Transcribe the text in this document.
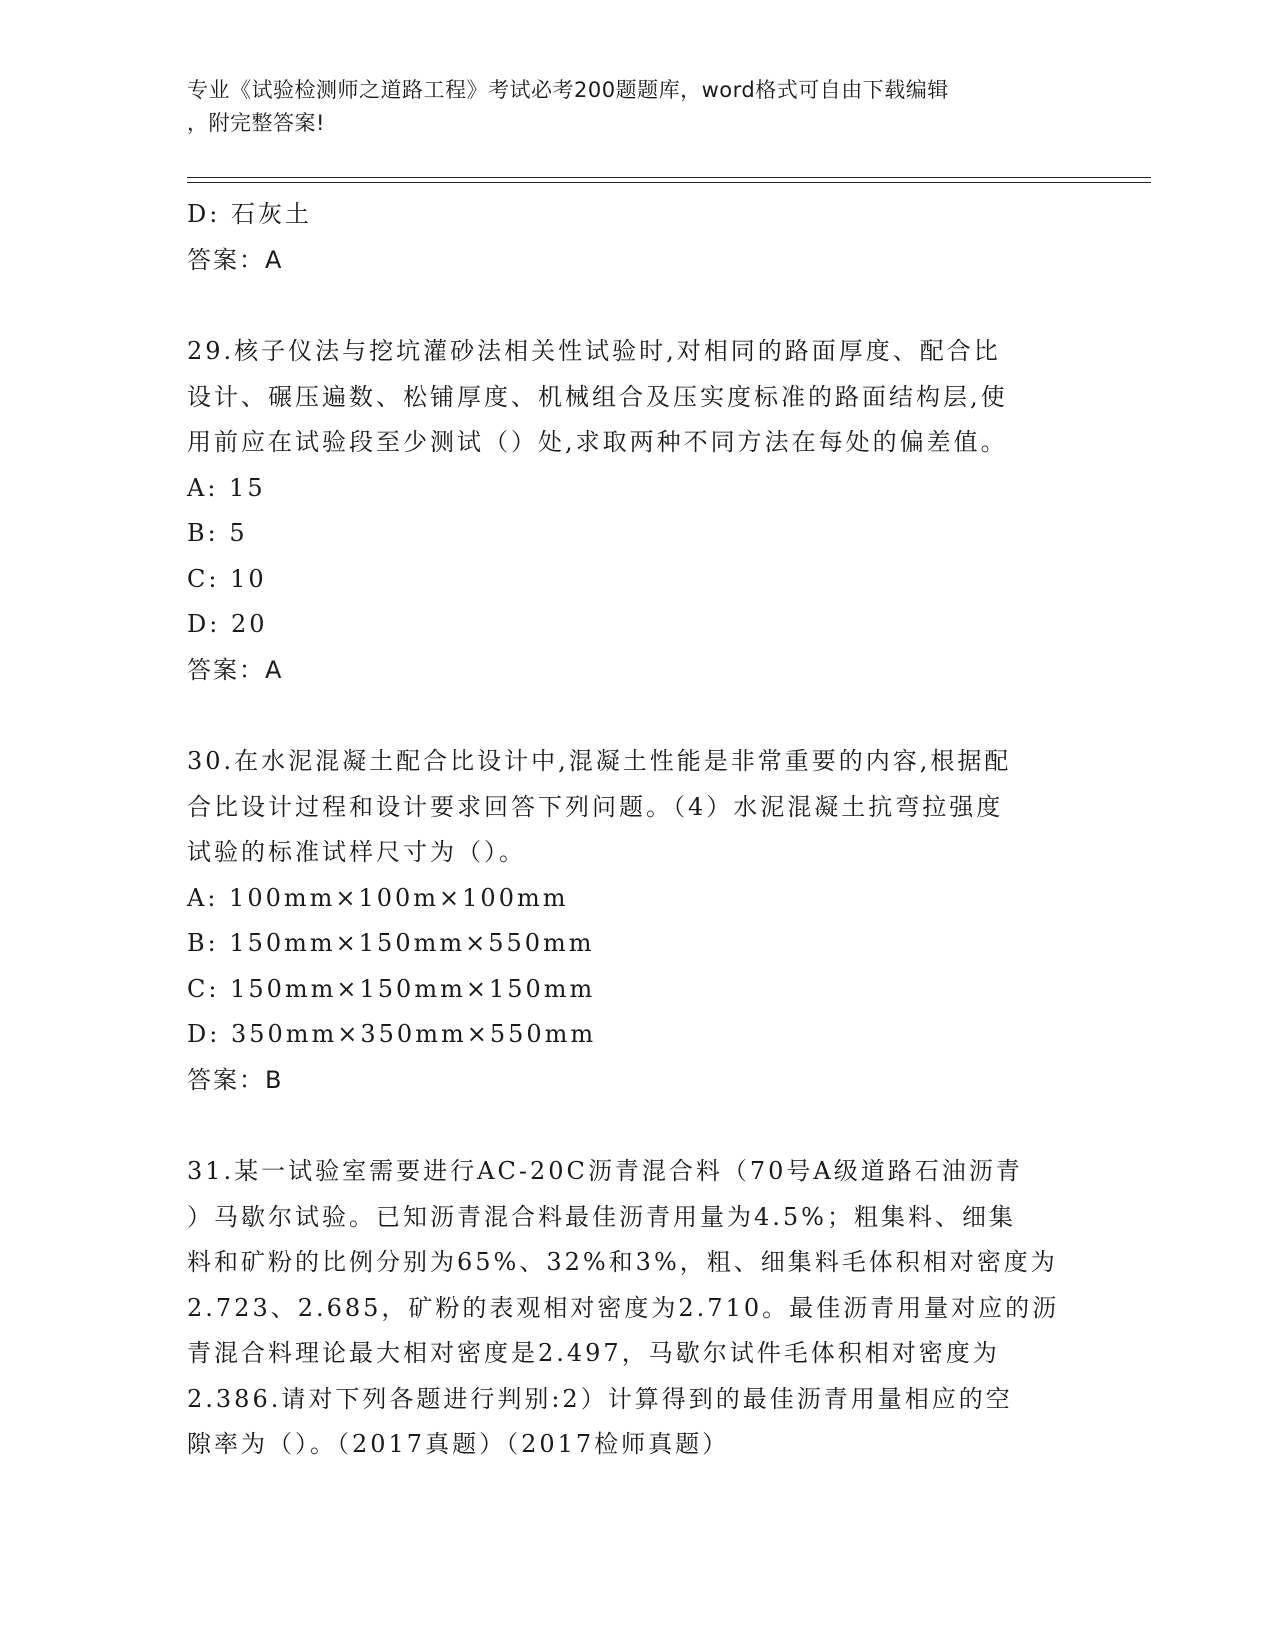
专业《试验检测师之道路工程》考试必考200题题库，word格式可自由下载编辑
，附完整答案!
D: 石灰土
答案：A
29.核子仪法与挖坑灌砂法相关性试验时,对相同的路面厚度、配合比
设计、碾压遍数、松铺厚度、机械组合及压实度标准的路面结构层,使
用前应在试验段至少测试（）处,求取两种不同方法在每处的偏差值。
A: 15
B: 5
C: 10
D: 20
答案：A
30.在水泥混凝土配合比设计中,混凝土性能是非常重要的内容,根据配
合比设计过程和设计要求回答下列问题。（4）水泥混凝土抗弯拉强度
试验的标准试样尺寸为（）。
A: 100mm×100m×100mm
B: 150mm×150mm×550mm
C: 150mm×150mm×150mm
D: 350mm×350mm×550mm
答案：B
31.某一试验室需要进行AC-20C沥青混合料（70号A级道路石油沥青
）马歇尔试验。已知沥青混合料最佳沥青用量为4.5%；粗集料、细集
料和矿粉的比例分别为65%、32%和3%，粗、细集料毛体积相对密度为
2.723、2.685，矿粉的表观相对密度为2.710。最佳沥青用量对应的沥
青混合料理论最大相对密度是2.497，马歇尔试件毛体积相对密度为
2.386.请对下列各题进行判别:2）计算得到的最佳沥青用量相应的空
隙率为（）。（2017真题）（2017检师真题）
